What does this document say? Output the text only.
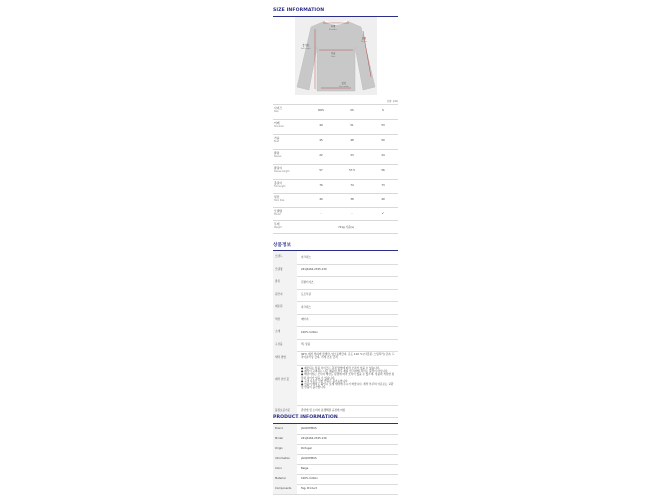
SIZE INFORMATION
어깨
Shoulder
팔통
Sleeve
총기장
Full length
가슴
Bust
밑단
Hem width
단위: (cm)
사이즈
Size	ROS	XS	S
어깨
Shoulder	49	51	53
가슴
Bust	45	48	50
팔통
Sleeve	22	23	24
팔길이
Sleeve Length	57	57.5	56
총길이
Full length	76	74	73
밑단
Hem Size	40	38	40
모델명
Model	-	-	✔
무게
Weight	711g 기준(s)
상품정보
브랜드	자크뮈스
모델명	241JS162.2345.130
종류	긴팔티셔츠
원산지	포르투갈
제조원	자크뮈스
색상	베이지
소재	100% Cotton
구성품	택, 상품
세탁 방법
30℃ 에서 약하게 물세탁, 염소표백금지, 온도 110 ℃ (다림질, 스팀처리) 금지, 드라이클리닝 금지, 기계 건조 금지
제작 본인 뜻
● 제조되는 상품 사이즈는 측정 방법에 따라 오차가 있을 수 있습니다.
● 제작이 고려되는 나은 제품의 경우 재질 및 디테일 차이는 불량이 아닙니다.
● 해당이상는 모니터 해상도 환경에 따라 오라이 있을 수 있으며, 상품의 적당한 실물과 차이가 있을 수 있습니다.
● 고객 사유로 인한 반품은 불가능합니다.
● 선품이 해지도 확인시 보세 세탁에 주시기 바랍니다. 세탁 부주의 이유로는 교환 및 반품이 불가합니다.
품질보증기준	관련법 및 소비자 분쟁해결 규정에 따름
PRODUCT INFORMATION
Brand	JACQUEMUS
Model	241JS162.2345.130
Origin	Portugal
Information	JACQUEMUS
Color	Beige
Material	100% Cotton
Components	Tag, Product
